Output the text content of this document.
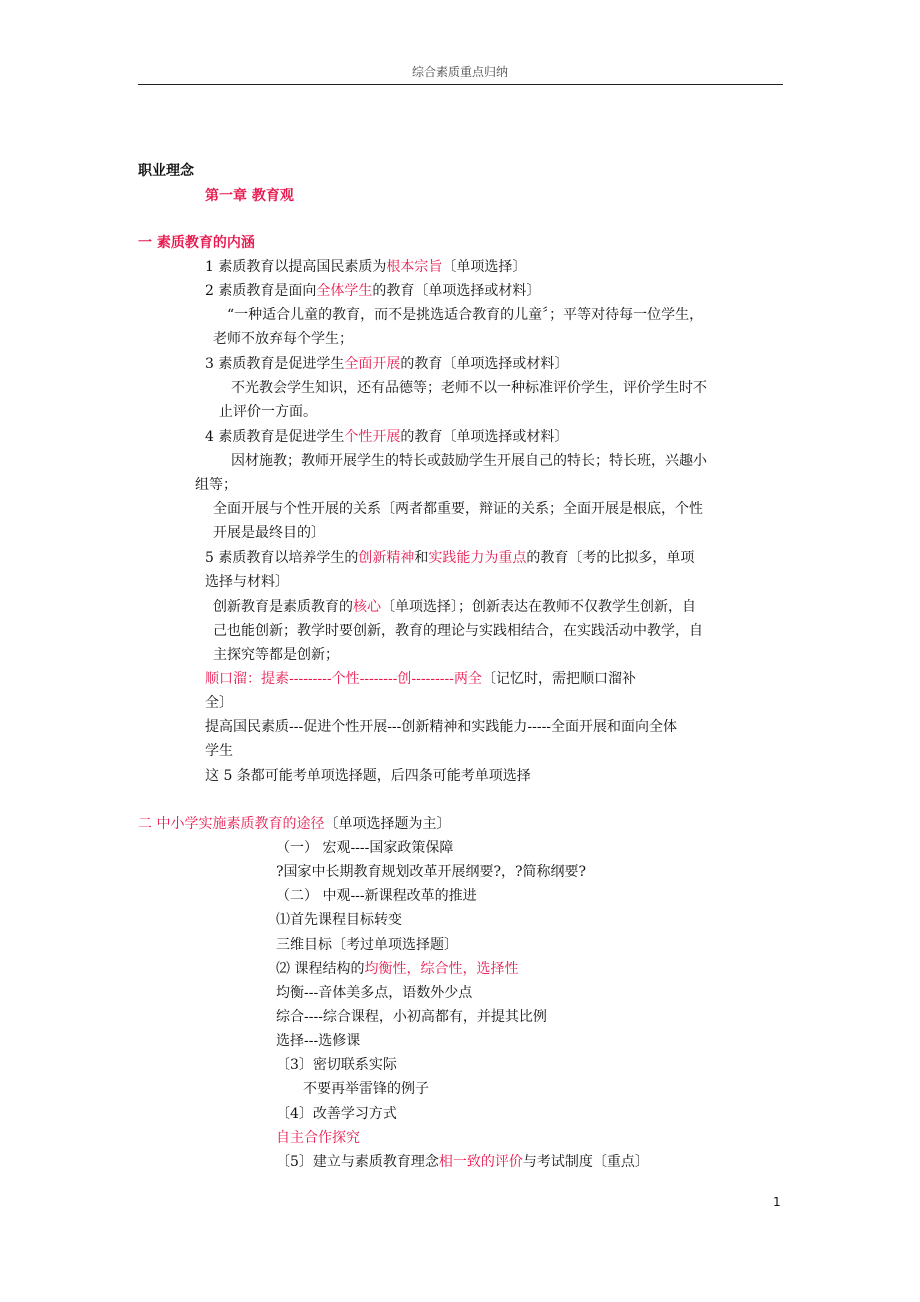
综合素质重点归纳
职业理念
第一章 教育观
一 素质教育的内涵
1 素质教育以提高国民素质为根本宗旨〔单项选择〕
2 素质教育是面向全体学生的教育〔单项选择或材料〕
“一种适合儿童的教育，而不是挑选适合教育的儿童〞；平等对待每一位学生，
老师不放弃每个学生；
3 素质教育是促进学生全面开展的教育〔单项选择或材料〕
不光教会学生知识，还有品德等；老师不以一种标准评价学生，评价学生时不
止评价一方面。
4 素质教育是促进学生个性开展的教育〔单项选择或材料〕
因材施教；教师开展学生的特长或鼓励学生开展自己的特长；特长班，兴趣小
组等；
全面开展与个性开展的关系〔两者都重要，辩证的关系；全面开展是根底，个性
开展是最终目的〕
5 素质教育以培养学生的创新精神和实践能力为重点的教育〔考的比拟多，单项
选择与材料〕
创新教育是素质教育的核心〔单项选择〕；创新表达在教师不仅教学生创新，自
己也能创新；教学时要创新，教育的理论与实践相结合，在实践活动中教学，自
主探究等都是创新；
顺口溜：提素---------个性--------创---------两全〔记忆时，需把顺口溜补
全〕
提高国民素质---促进个性开展---创新精神和实践能力-----全面开展和面向全体
学生
这 5 条都可能考单项选择题，后四条可能考单项选择
二 中小学实施素质教育的途径〔单项选择题为主〕
（一） 宏观----国家政策保障
?国家中长期教育规划改革开展纲要?，?简称纲要?
（二） 中观---新课程改革的推进
⑴首先课程目标转变
三维目标〔考过单项选择题〕
⑵ 课程结构的均衡性，综合性，选择性
均衡---音体美多点，语数外少点
综合----综合课程，小初高都有，并提其比例
选择---选修课
〔3〕密切联系实际
不要再举雷锋的例子
〔4〕改善学习方式
自主合作探究
〔5〕建立与素质教育理念相一致的评价与考试制度〔重点〕
1
